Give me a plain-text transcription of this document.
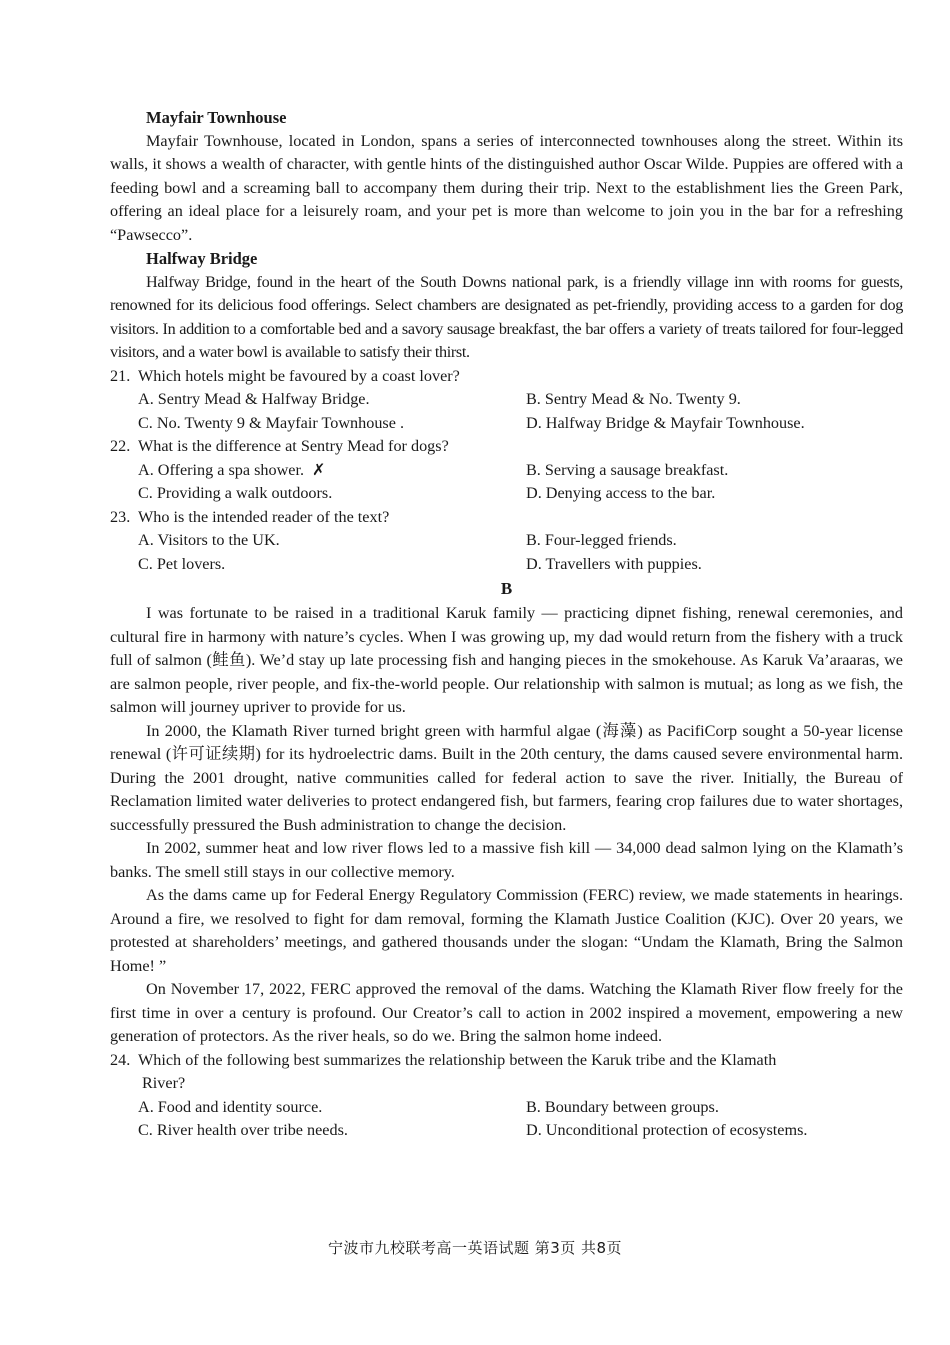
Mayfair Townhouse

Mayfair Townhouse, located in London, spans a series of interconnected townhouses along the street. Within its walls, it shows a wealth of character, with gentle hints of the distinguished author Oscar Wilde. Puppies are offered with a feeding bowl and a screaming ball to accompany them during their trip. Next to the establishment lies the Green Park, offering an ideal place for a leisurely roam, and your pet is more than welcome to join you in the bar for a refreshing “Pawsecco”.

Halfway Bridge

Halfway Bridge, found in the heart of the South Downs national park, is a friendly village inn with rooms for guests, renowned for its delicious food offerings. Select chambers are designated as pet-friendly, providing access to a garden for dog visitors. In addition to a comfortable bed and a savory sausage breakfast, the bar offers a variety of treats tailored for four-legged visitors, and a water bowl is available to satisfy their thirst.

21. Which hotels might be favoured by a coast lover?

A. Sentry Mead & Halfway Bridge.	B. Sentry Mead & No. Twenty 9.
C. No. Twenty 9 & Mayfair Townhouse .	D. Halfway Bridge & Mayfair Townhouse.

22. What is the difference at Sentry Mead for dogs?

A. Offering a spa shower. ✗	B. Serving a sausage breakfast.
C. Providing a walk outdoors.	D. Denying access to the bar.

23. Who is the intended reader of the text?

A. Visitors to the UK.	B. Four-legged friends.
C. Pet lovers.	D. Travellers with puppies.
B

I was fortunate to be raised in a traditional Karuk family — practicing dipnet fishing, renewal ceremonies, and cultural fire in harmony with nature’s cycles. When I was growing up, my dad would return from the fishery with a truck full of salmon (鲑鱼). We’d stay up late processing fish and hanging pieces in the smokehouse. As Karuk Va’araaras, we are salmon people, river people, and fix-the-world people. Our relationship with salmon is mutual; as long as we fish, the salmon will journey upriver to provide for us.

In 2000, the Klamath River turned bright green with harmful algae (海藻) as PacifiCorp sought a 50-year license renewal (许可证续期) for its hydroelectric dams. Built in the 20th century, the dams caused severe environmental harm. During the 2001 drought, native communities called for federal action to save the river. Initially, the Bureau of Reclamation limited water deliveries to protect endangered fish, but farmers, fearing crop failures due to water shortages, successfully pressured the Bush administration to change the decision.

In 2002, summer heat and low river flows led to a massive fish kill — 34,000 dead salmon lying on the Klamath’s banks. The smell still stays in our collective memory.

As the dams came up for Federal Energy Regulatory Commission (FERC) review, we made statements in hearings. Around a fire, we resolved to fight for dam removal, forming the Klamath Justice Coalition (KJC). Over 20 years, we protested at shareholders’ meetings, and gathered thousands under the slogan: “Undam the Klamath, Bring the Salmon Home! ”

On November 17, 2022, FERC approved the removal of the dams. Watching the Klamath River flow freely for the first time in over a century is profound. Our Creator’s call to action in 2002 inspired a movement, empowering a new generation of protectors. As the river heals, so do we. Bring the salmon home indeed.

24. Which of the following best summarizes the relationship between the Karuk tribe and the Klamath

River?
A. Food and identity source.	B. Boundary between groups.
C. River health over tribe needs.	D. Unconditional protection of ecosystems.
宁波市九校联考高一英语试题 第3页 共8页
